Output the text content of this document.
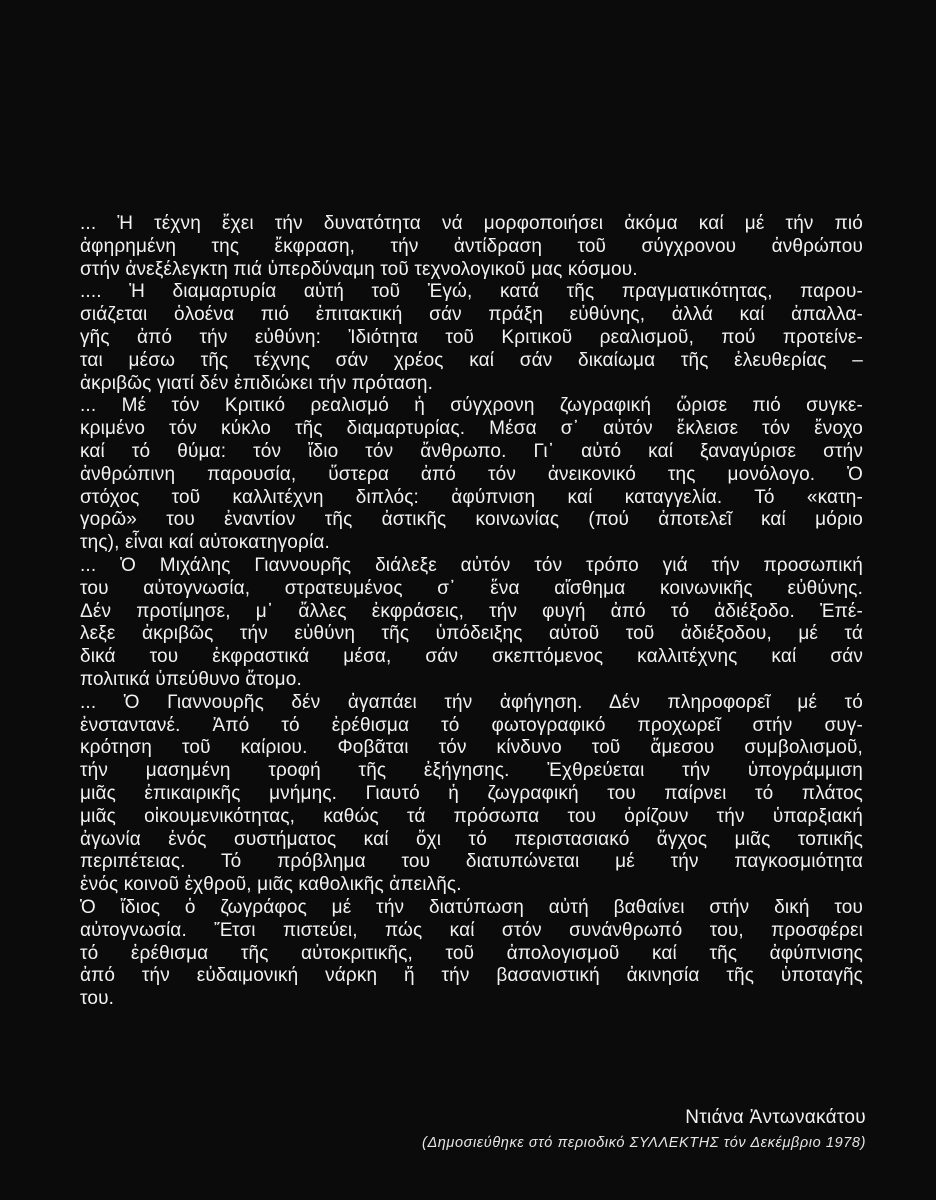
... Ἡ τέχνη ἔχει τήν δυνατότητα νά μορφοποιήσει ἀκόμα καί μέ τήν πιό
ἀφηρημένη της ἔκφραση, τήν ἀντίδραση τοῦ σύγχρονου ἀνθρώπου
στήν ἀνεξέλεγκτη πιά ὑπερδύναμη τοῦ τεχνολογικοῦ μας κόσμου.
.... Ἡ διαμαρτυρία αὐτή τοῦ Ἐγώ, κατά τῆς πραγματικότητας, παρου-
σιάζεται ὁλοένα πιό ἐπιτακτική σάν πράξη εὐθύνης, ἀλλά καί ἀπαλλα-
γῆς ἀπό τήν εὐθύνη: Ἰδιότητα τοῦ Κριτικοῦ ρεαλισμοῦ, πού προτείνε-
ται μέσω τῆς τέχνης σάν χρέος καί σάν δικαίωμα τῆς ἐλευθερίας –
ἀκριβῶς γιατί δέν ἐπιδιώκει τήν πρόταση.
... Μέ τόν Κριτικό ρεαλισμό ἡ σύγχρονη ζωγραφική ὥρισε πιό συγκε-
κριμένο τόν κύκλο τῆς διαμαρτυρίας. Μέσα σ᾿ αὐτόν ἔκλεισε τόν ἔνοχο
καί τό θύμα: τόν ἴδιο τόν ἄνθρωπο. Γι᾿ αὐτό καί ξαναγύρισε στήν
ἀνθρώπινη παρουσία, ὕστερα ἀπό τόν ἀνεικονικό της μονόλογο. Ὁ
στόχος τοῦ καλλιτέχνη διπλός: ἀφύπνιση καί καταγγελία. Τό «κατη-
γορῶ» του ἐναντίον τῆς ἀστικῆς κοινωνίας (πού ἀποτελεῖ καί μόριο
της), εἶναι καί αὐτοκατηγορία.
... Ὁ Μιχάλης Γιαννουρῆς διάλεξε αὐτόν τόν τρόπο γιά τήν προσωπική
του αὐτογνωσία, στρατευμένος σ᾿ ἕνα αἴσθημα κοινωνικῆς εὐθύνης.
Δέν προτίμησε, μ᾿ ἄλλες ἐκφράσεις, τήν φυγή ἀπό τό ἀδιέξοδο. Ἐπέ-
λεξε ἀκριβῶς τήν εὐθύνη τῆς ὑπόδειξης αὐτοῦ τοῦ ἀδιέξοδου, μέ τά
δικά του ἐκφραστικά μέσα, σάν σκεπτόμενος καλλιτέχνης καί σάν
πολιτικά ὑπεύθυνο ἄτομο.
... Ὁ Γιαννουρῆς δέν ἀγαπάει τήν ἀφήγηση. Δέν πληροφορεῖ μέ τό
ἐνσταντανέ. Ἀπό τό ἐρέθισμα τό φωτογραφικό προχωρεῖ στήν συγ-
κρότηση τοῦ καίριου. Φοβᾶται τόν κίνδυνο τοῦ ἄμεσου συμβολισμοῦ,
τήν μασημένη τροφή τῆς ἐξήγησης. Ἐχθρεύεται τήν ὑπογράμμιση
μιᾶς ἐπικαιρικῆς μνήμης. Γιαυτό ἡ ζωγραφική του παίρνει τό πλάτος
μιᾶς οἰκουμενικότητας, καθώς τά πρόσωπα του ὁρίζουν τήν ὑπαρξιακή
ἀγωνία ἑνός συστήματος καί ὄχι τό περιστασιακό ἄγχος μιᾶς τοπικῆς
περιπέτειας. Τό πρόβλημα του διατυπώνεται μέ τήν παγκοσμιότητα
ἑνός κοινοῦ ἐχθροῦ, μιᾶς καθολικῆς ἀπειλῆς.
Ὁ ἴδιος ὁ ζωγράφος μέ τήν διατύπωση αὐτή βαθαίνει στήν δική του
αὐτογνωσία. Ἔτσι πιστεύει, πώς καί στόν συνάνθρωπό του, προσφέρει
τό ἐρέθισμα τῆς αὐτοκριτικῆς, τοῦ ἀπολογισμοῦ καί τῆς ἀφύπνισης
ἀπό τήν εὐδαιμονική νάρκη ἤ τήν βασανιστική ἀκινησία τῆς ὑποταγῆς
του.
Ντιάνα Ἀντωνακάτου
(Δημοσιεύθηκε στό περιοδικό ΣΥΛΛΕΚΤΗΣ τόν Δεκέμβριο 1978)
